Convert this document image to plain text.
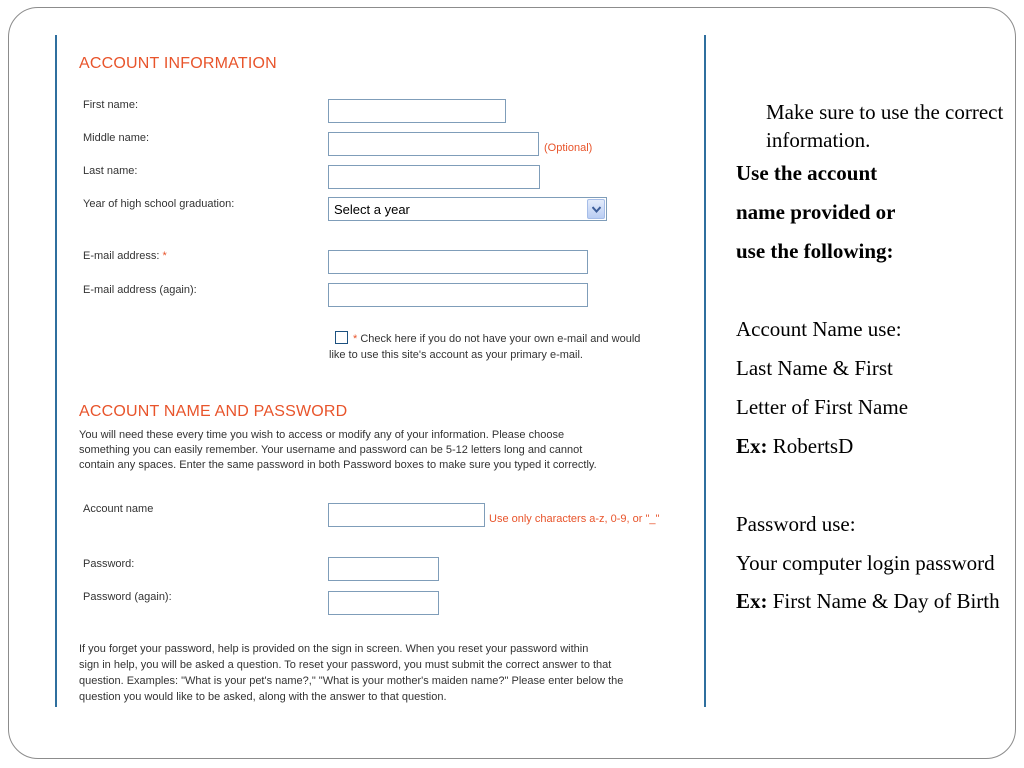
ACCOUNT INFORMATION
First name:
Middle name:
(Optional)
Last name:
Year of high school graduation:	Select a year
E-mail address: *
E-mail address (again):
* Check here if you do not have your own e-mail and would
like to use this site's account as your primary e-mail.
ACCOUNT NAME AND PASSWORD
You will need these every time you wish to access or modify any of your information. Please choose
something you can easily remember. Your username and password can be 5-12 letters long and cannot
contain any spaces. Enter the same password in both Password boxes to make sure you typed it correctly.
Account name
Use only characters a-z, 0-9, or "_"
Password:
Password (again):
If you forget your password, help is provided on the sign in screen. When you reset your password within
sign in help, you will be asked a question. To reset your password, you must submit the correct answer to that
question. Examples: "What is your pet's name?," "What is your mother's maiden name?" Please enter below the
question you would like to be asked, along with the answer to that question.
Make sure to use the correct information.
Use the account
name provided or
use the following:
Account Name use:
Last Name & First
Letter of First Name
Ex: RobertsD
Password use:
Your computer login password
Ex: First Name & Day of Birth
